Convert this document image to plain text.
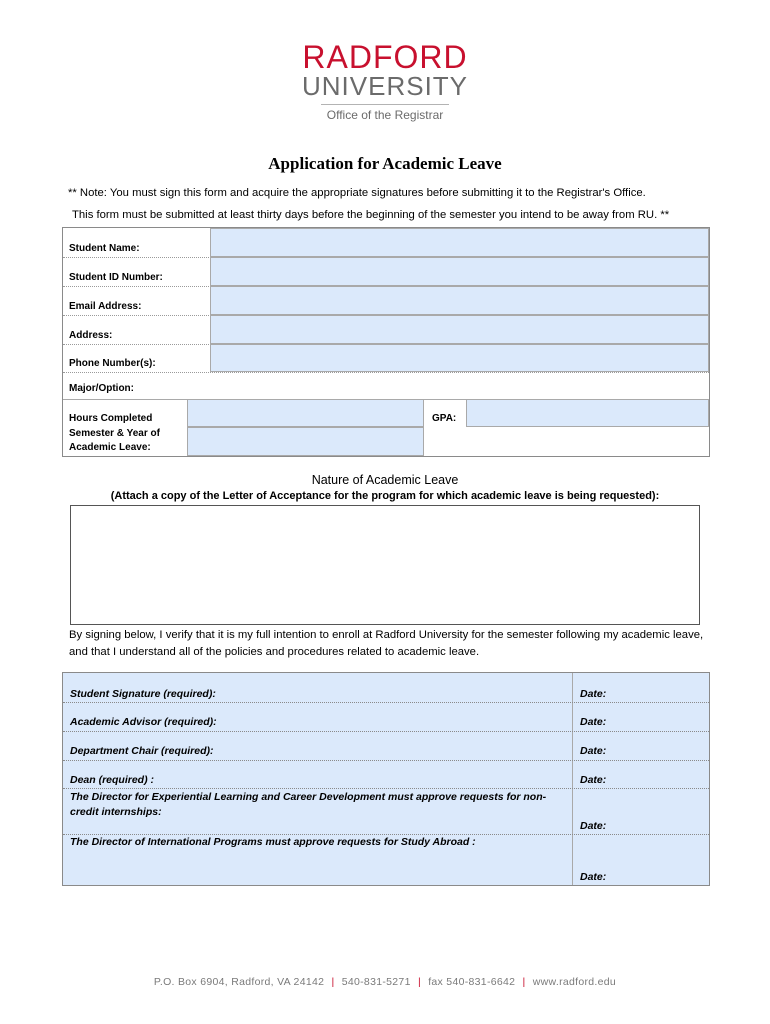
RADFORD
UNIVERSITY
Office of the Registrar
Application for Academic Leave
** Note: You must sign this form and acquire the appropriate signatures before submitting it to the Registrar's Office.
This form must be submitted at least thirty days before the beginning of the semester you intend to be away from RU. **
Student Name:
Student ID Number:
Email Address:
Address:
Phone Number(s):
Major/Option:
Hours Completed
Semester & Year of
Academic Leave:
GPA:
Nature of Academic Leave
(Attach a copy of the Letter of Acceptance for the program for which academic leave is being requested):
By signing below, I verify that it is my full intention to enroll at Radford University for the semester following my academic leave, and that I understand all of the policies and procedures related to academic leave.
Student Signature (required):	Date:
Academic Advisor (required):	Date:
Department Chair (required):	Date:
Dean (required) :	Date:
The Director for Experiential Learning and Career Development must approve requests for non-credit internships:
Date:
The Director of International Programs must approve requests for Study Abroad :
Date:
P.O. Box 6904, Radford, VA 24142 | 540-831-5271 | fax 540-831-6642 | www.radford.edu
